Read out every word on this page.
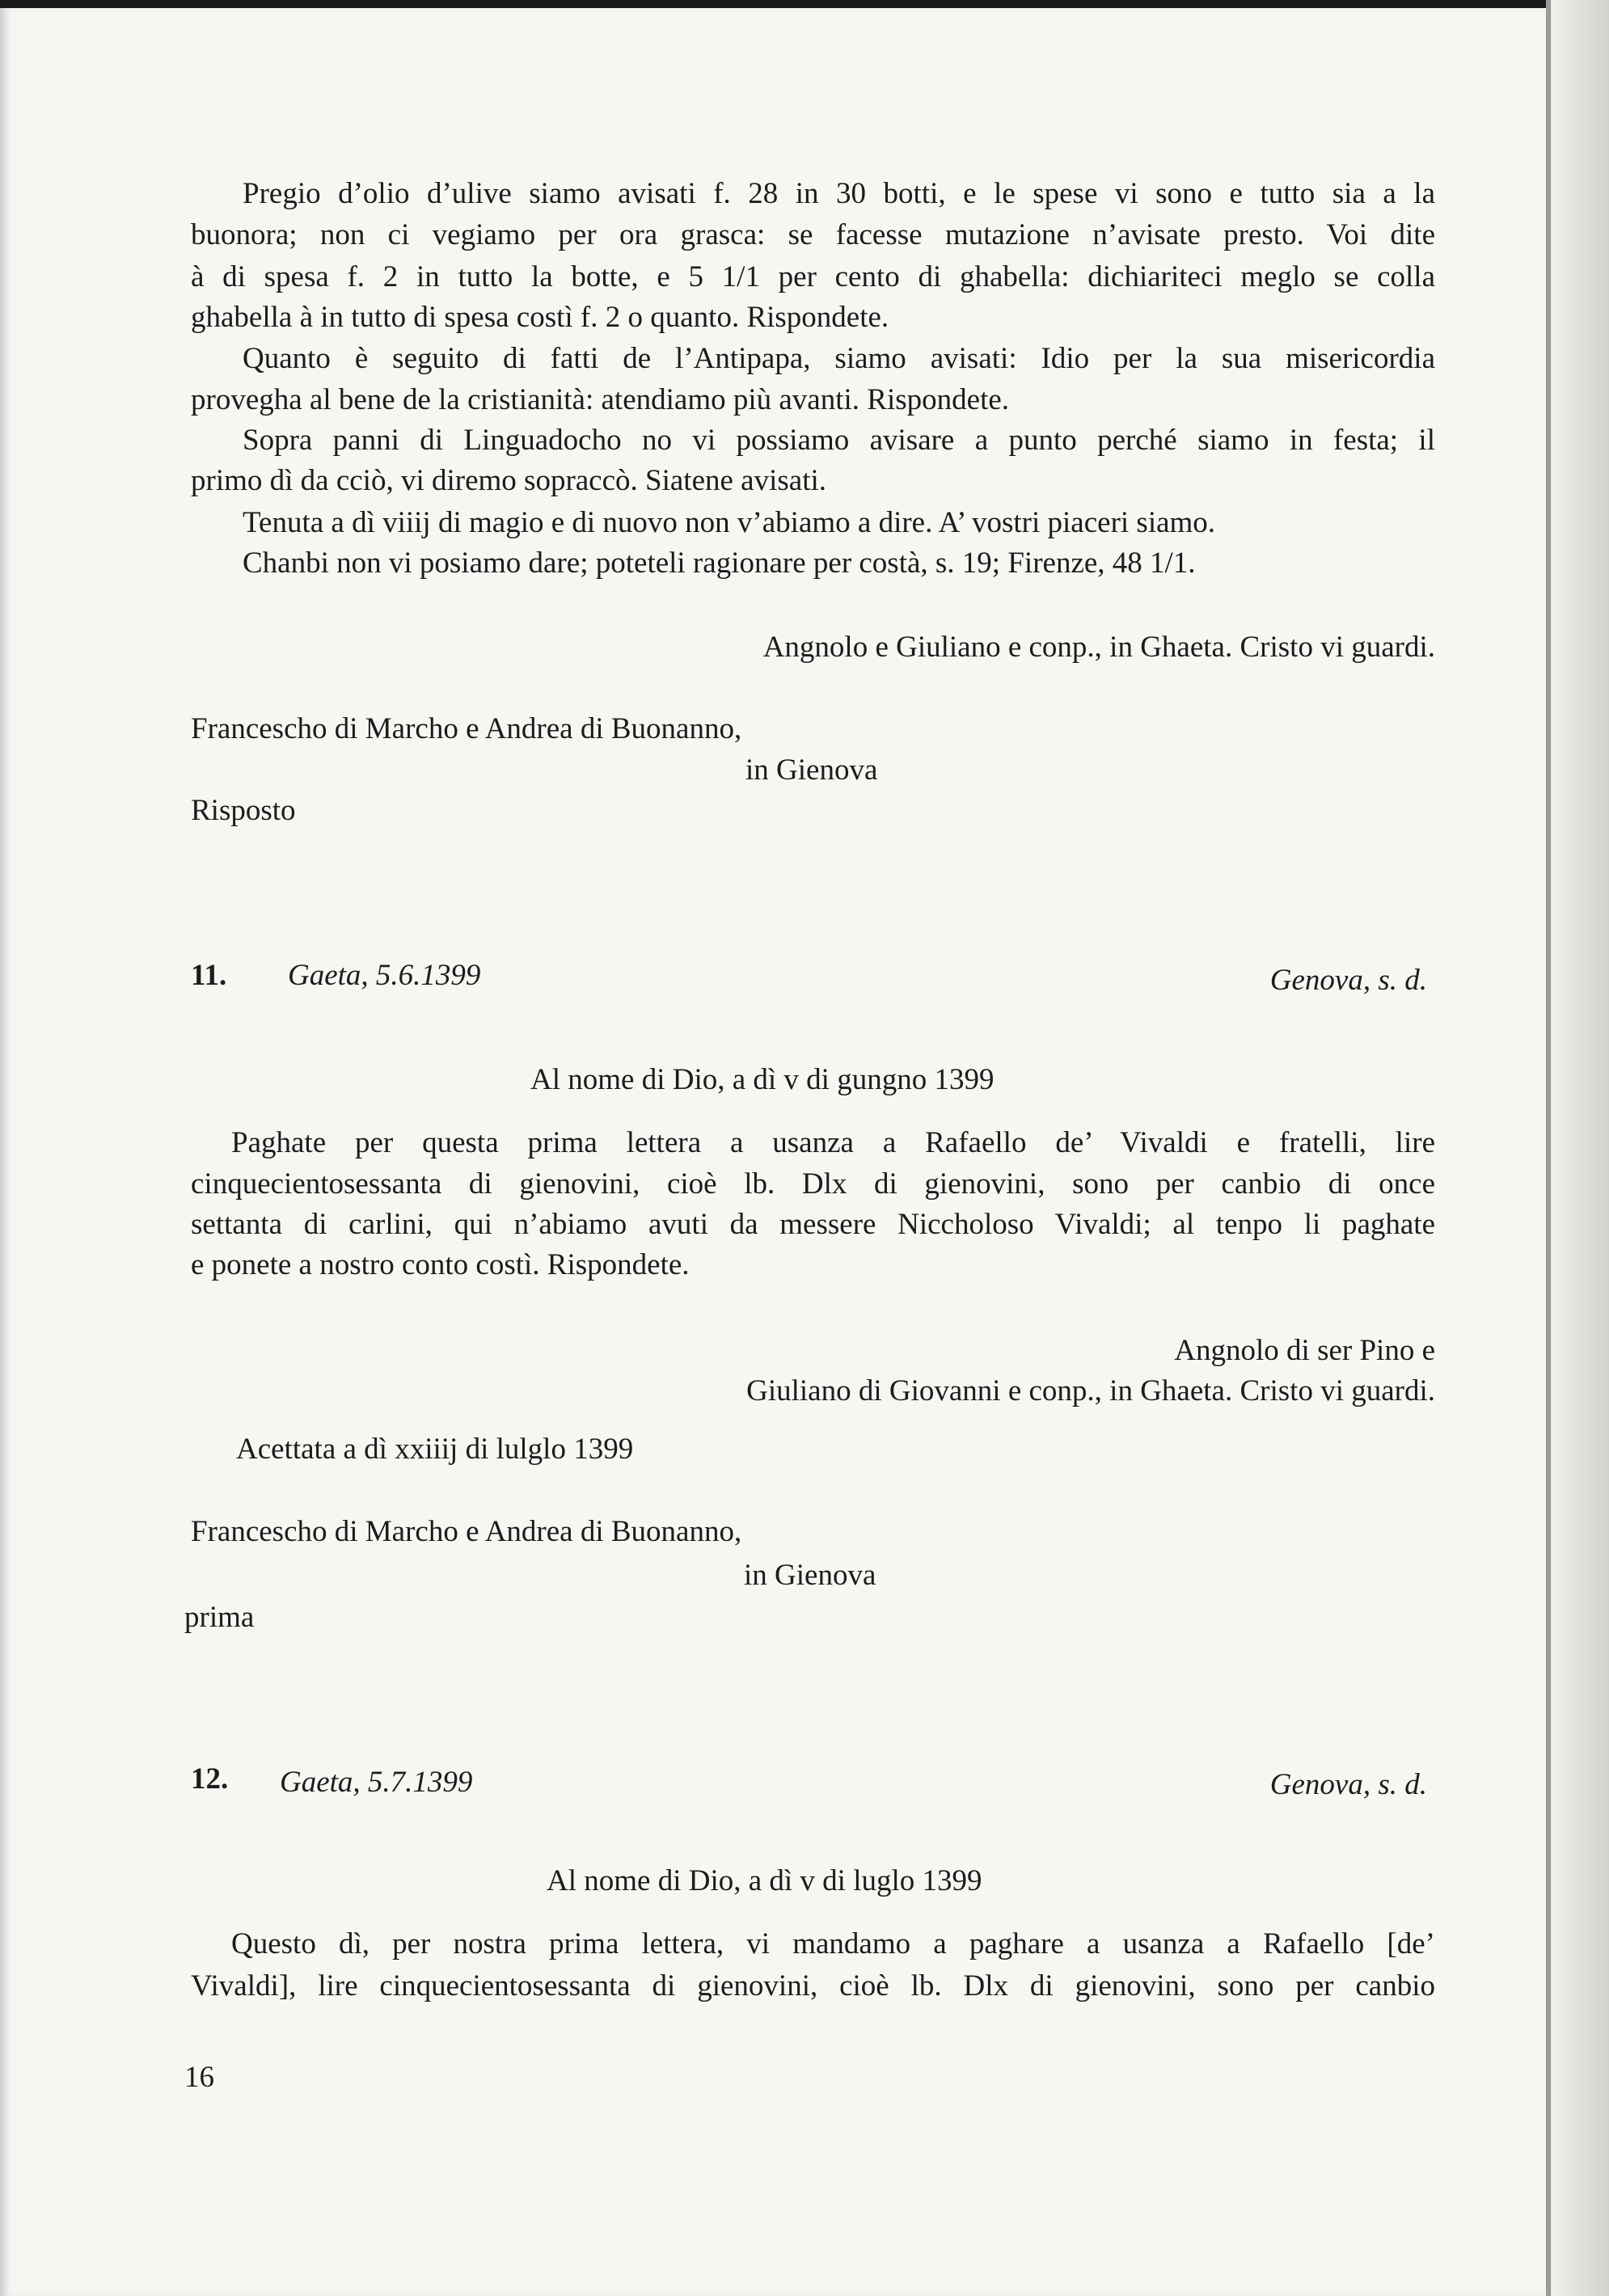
Pregio d’olio d’ulive siamo avisati f. 28 in 30 botti, e le spese vi sono e tutto sia a la

buonora; non ci vegiamo per ora grasca: se facesse mutazione n’avisate presto. Voi dite

à di spesa f. 2 in tutto la botte, e 5 1/1 per cento di ghabella: dichiariteci meglo se colla

ghabella à in tutto di spesa costì f. 2 o quanto. Rispondete.

Quanto è seguito di fatti de l’Antipapa, siamo avisati: Idio per la sua misericordia

provegha al bene de la cristianità: atendiamo più avanti. Rispondete.

Sopra panni di Linguadocho no vi possiamo avisare a punto perché siamo in festa; il

primo dì da cciò, vi diremo sopraccò. Siatene avisati.

Tenuta a dì viiij di magio e di nuovo non v’abiamo a dire. A’ vostri piaceri siamo.

Chanbi non vi posiamo dare; poteteli ragionare per costà, s. 19; Firenze, 48 1/1.

Angnolo e Giuliano e conp., in Ghaeta. Cristo vi guardi.

Francescho di Marcho e Andrea di Buonanno,

in Gienova

Risposto

11. Gaeta, 5.6.1399	Genova, s. d.

Al nome di Dio, a dì v di gungno 1399

Paghate per questa prima lettera a usanza a Rafaello de’ Vivaldi e fratelli, lire

cinquecientosessanta di gienovini, cioè lb. Dlx di gienovini, sono per canbio di once

settanta di carlini, qui n’abiamo avuti da messere Niccholoso Vivaldi; al tenpo li paghate

e ponete a nostro conto costì. Rispondete.

Angnolo di ser Pino e

Giuliano di Giovanni e conp., in Ghaeta. Cristo vi guardi.

Acettata a dì xxiiij di lulglo 1399

Francescho di Marcho e Andrea di Buonanno,

in Gienova

prima

12. Gaeta, 5.7.1399	Genova, s. d.

Al nome di Dio, a dì v di luglo 1399

Questo dì, per nostra prima lettera, vi mandamo a paghare a usanza a Rafaello [de’

Vivaldi], lire cinquecientosessanta di gienovini, cioè lb. Dlx di gienovini, sono per canbio

16
